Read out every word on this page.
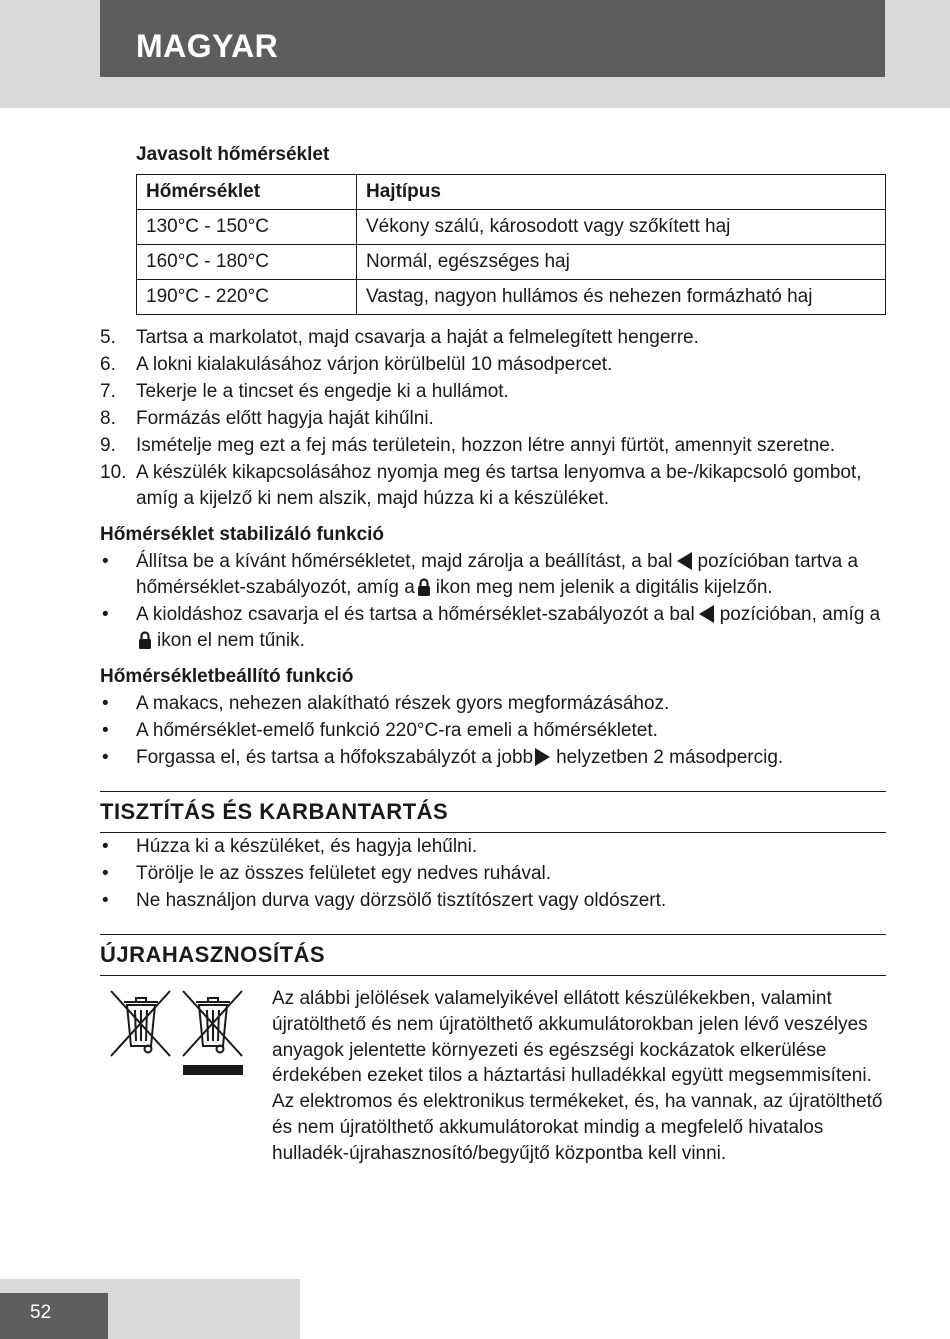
MAGYAR
Javasolt hőmérséklet
Hőmérséklet	Hajtípus
130°C - 150°C	Vékony szálú, károsodott vagy szőkített haj
160°C - 180°C	Normál, egészséges haj
190°C - 220°C	Vastag, nagyon hullámos és nehezen formázható haj
5. Tartsa a markolatot, majd csavarja a haját a felmelegített hengerre.
6. A lokni kialakulásához várjon körülbelül 10 másodpercet.
7. Tekerje le a tincset és engedje ki a hullámot.
8. Formázás előtt hagyja haját kihűlni.
9. Ismételje meg ezt a fej más területein, hozzon létre annyi fürtöt, amennyit szeretne.
10. A készülék kikapcsolásához nyomja meg és tartsa lenyomva a be-/kikapcsoló gombot, amíg a kijelző ki nem alszik, majd húzza ki a készüléket.
Hőmérséklet stabilizáló funkció
• Állítsa be a kívánt hőmérsékletet, majd zárolja a beállítást, a bal pozícióban tartva a hőmérséklet-szabályozót, amíg a ikon meg nem jelenik a digitális kijelzőn.
• A kioldáshoz csavarja el és tartsa a hőmérséklet-szabályozót a bal pozícióban, amíg a
ikon el nem tűnik.
Hőmérsékletbeállító funkció
• A makacs, nehezen alakítható részek gyors megformázásához.
• A hőmérséklet-emelő funkció 220°C-ra emeli a hőmérsékletet.
• Forgassa el, és tartsa a hőfokszabályzót a jobb helyzetben 2 másodpercig.
TISZTÍTÁS ÉS KARBANTARTÁS
• Húzza ki a készüléket, és hagyja lehűlni.
• Törölje le az összes felületet egy nedves ruhával.
• Ne használjon durva vagy dörzsölő tisztítószert vagy oldószert.
ÚJRAHASZNOSÍTÁS
Az alábbi jelölések valamelyikével ellátott készülékekben, valamint újratölthető és nem újratölthető akkumulátorokban jelen lévő veszélyes anyagok jelentette környezeti és egészségi kockázatok elkerülése érdekében ezeket tilos a háztartási hulladékkal együtt megsemmisíteni. Az elektromos és elektronikus termékeket, és, ha vannak, az újratölthető és nem újratölthető akkumulátorokat mindig a megfelelő hivatalos hulladék-újrahasznosító/begyűjtő központba kell vinni.
52
